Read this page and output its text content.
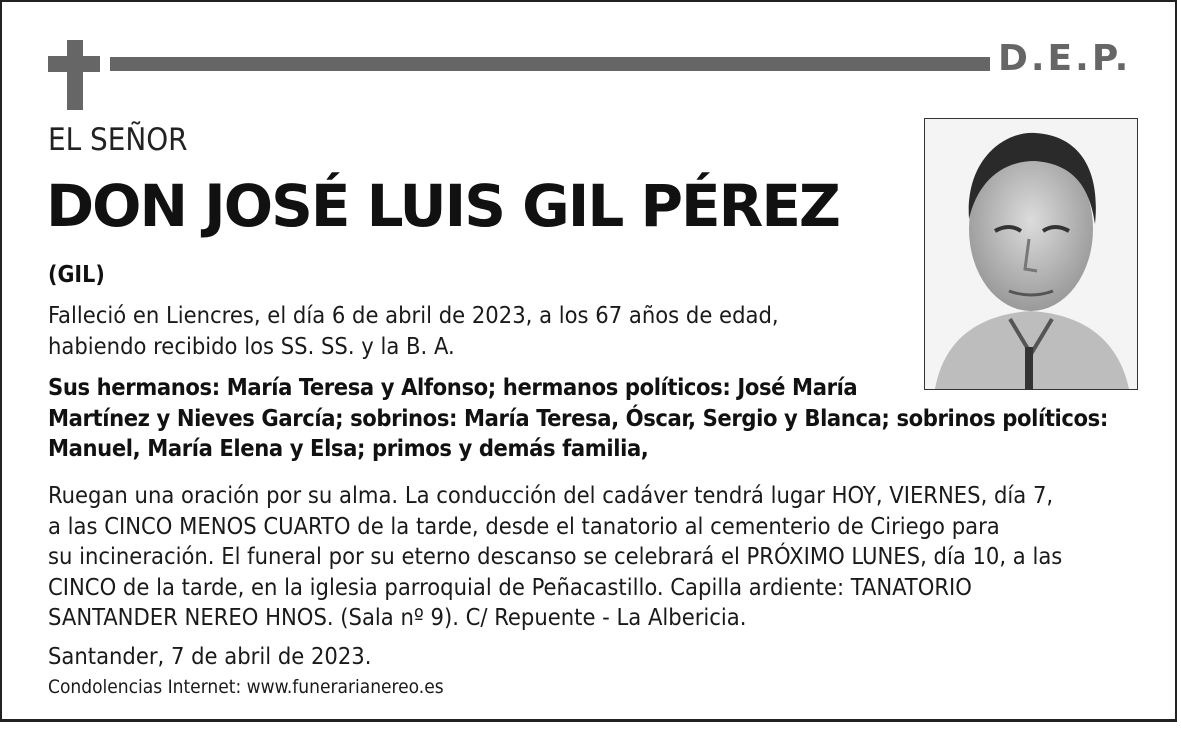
D.E.P.
EL SEÑOR
DON JOSÉ LUIS GIL PÉREZ
(GIL)
Falleció en Liencres, el día 6 de abril de 2023, a los 67 años de edad,
habiendo recibido los SS. SS. y la B. A.
Sus hermanos: María Teresa y Alfonso; hermanos políticos: José María
Martínez y Nieves García; sobrinos: María Teresa, Óscar, Sergio y Blanca; sobrinos políticos:
Manuel, María Elena y Elsa; primos y demás familia,
Ruegan una oración por su alma. La conducción del cadáver tendrá lugar HOY, VIERNES, día 7,
a las CINCO MENOS CUARTO de la tarde, desde el tanatorio al cementerio de Ciriego para
su incineración. El funeral por su eterno descanso se celebrará el PRÓXIMO LUNES, día 10, a las
CINCO de la tarde, en la iglesia parroquial de Peñacastillo. Capilla ardiente: TANATORIO
SANTANDER NEREO HNOS. (Sala nº 9). C/ Repuente - La Albericia.
Santander, 7 de abril de 2023.
Condolencias Internet: www.funerarianereo.es
